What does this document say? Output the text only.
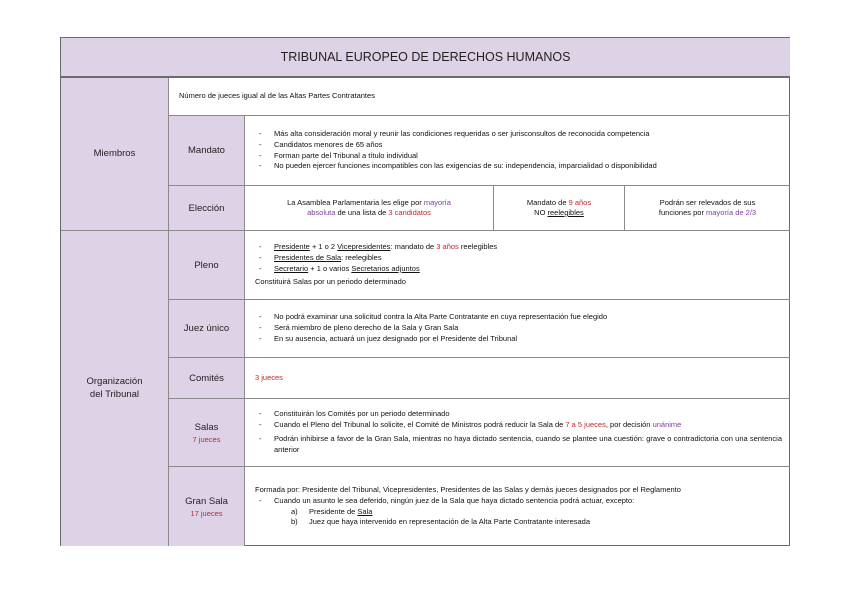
TRIBUNAL EUROPEO DE DERECHOS HUMANOS
Miembros
Número de jueces igual al de las Altas Partes Contratantes
Mandato
- Más alta consideración moral y reunir las condiciones requeridas o ser jurisconsultos de reconocida competencia
- Candidatos menores de 65 años
- Forman parte del Tribunal a título individual
- No pueden ejercer funciones incompatibles con las exigencias de su: independencia, imparcialidad o disponibilidad
Elección
La Asamblea Parlamentaria les elige por mayoría
absoluta de una lista de 3 candidatos
Mandato de 9 años
NO reelegibles
Podrán ser relevados de sus
funciones por mayoría de 2/3
Organización
del Tribunal
Pleno
- Presidente + 1 o 2 Vicepresidentes: mandato de 3 años reelegibles
- Presidentes de Sala: reelegibles
- Secretario + 1 o varios Secretarios adjuntos
Constituirá Salas por un periodo determinado
Juez único
- No podrá examinar una solicitud contra la Alta Parte Contratante en cuya representación fue elegido
- Será miembro de pleno derecho de la Sala y Gran Sala
- En su ausencia, actuará un juez designado por el Presidente del Tribunal
Comités	3 jueces
Salas
7 jueces
- Constituirán los Comités por un periodo determinado
- Cuando el Pleno del Tribunal lo solicite, el Comité de Ministros podrá reducir la Sala de 7 a 5 jueces, por decisión unánime
- Podrán inhibirse a favor de la Gran Sala, mientras no haya dictado sentencia, cuando se plantee una cuestión: grave o contradictoria con una sentencia anterior
Gran Sala
17 jueces
Formada por: Presidente del Tribunal, Vicepresidentes, Presidentes de las Salas y demás jueces designados por el Reglamento
- Cuando un asunto le sea deferido, ningún juez de la Sala que haya dictado sentencia podrá actuar, excepto:
a) Presidente de Sala
b) Juez que haya intervenido en representación de la Alta Parte Contratante interesada
